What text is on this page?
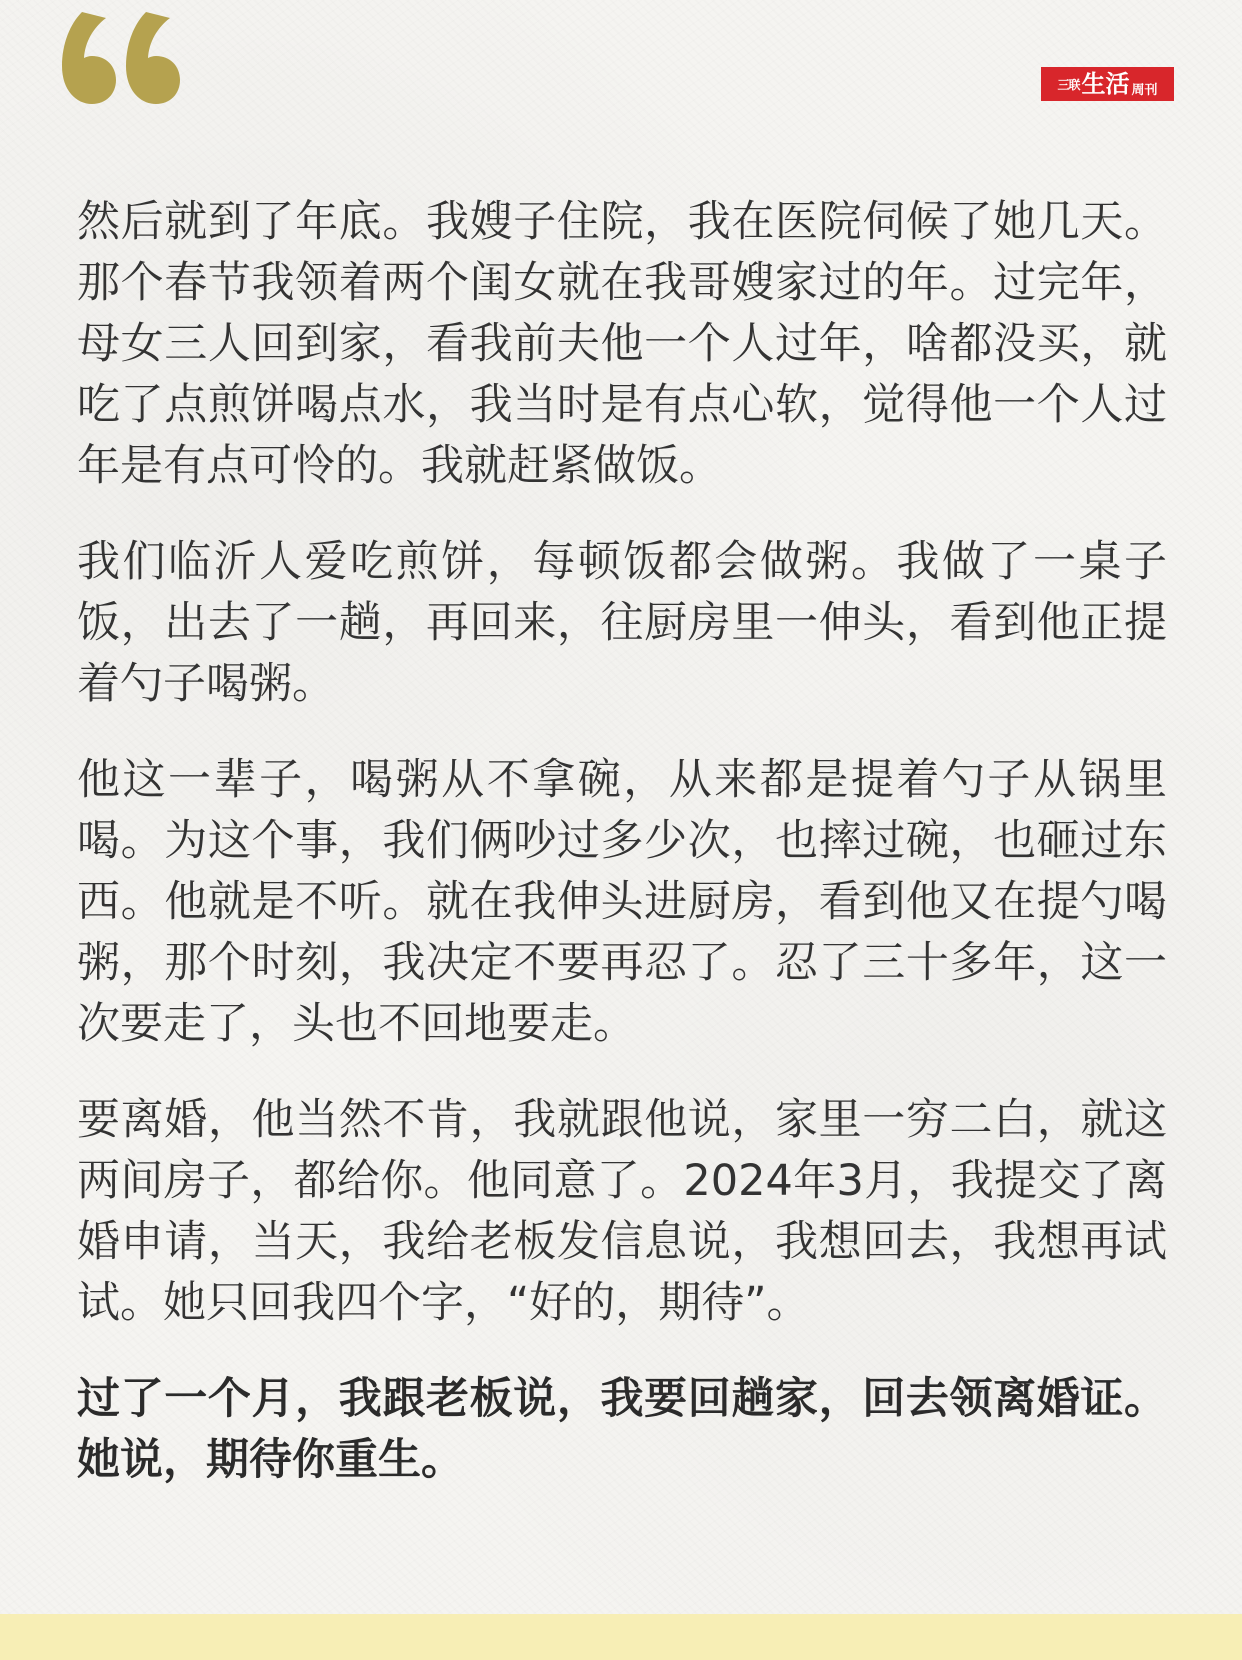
三联 生活 周刊

然后就到了年底。我嫂子住院，我在医院伺候了她几天。那个春节我领着两个闺女就在我哥嫂家过的年。过完年，母女三人回到家，看我前夫他一个人过年，啥都没买，就吃了点煎饼喝点水，我当时是有点心软，觉得他一个人过年是有点可怜的。我就赶紧做饭。

我们临沂人爱吃煎饼，每顿饭都会做粥。我做了一桌子饭，出去了一趟，再回来，往厨房里一伸头，看到他正提着勺子喝粥。

他这一辈子，喝粥从不拿碗，从来都是提着勺子从锅里喝。为这个事，我们俩吵过多少次，也摔过碗，也砸过东西。他就是不听。就在我伸头进厨房，看到他又在提勺喝粥，那个时刻，我决定不要再忍了。忍了三十多年，这一次要走了，头也不回地要走。

要离婚，他当然不肯，我就跟他说，家里一穷二白，就这两间房子，都给你。他同意了。2024年3月，我提交了离婚申请，当天，我给老板发信息说，我想回去，我想再试试。她只回我四个字，“好的，期待”。

过了一个月，我跟老板说，我要回趟家，回去领离婚证。她说，期待你重生。
